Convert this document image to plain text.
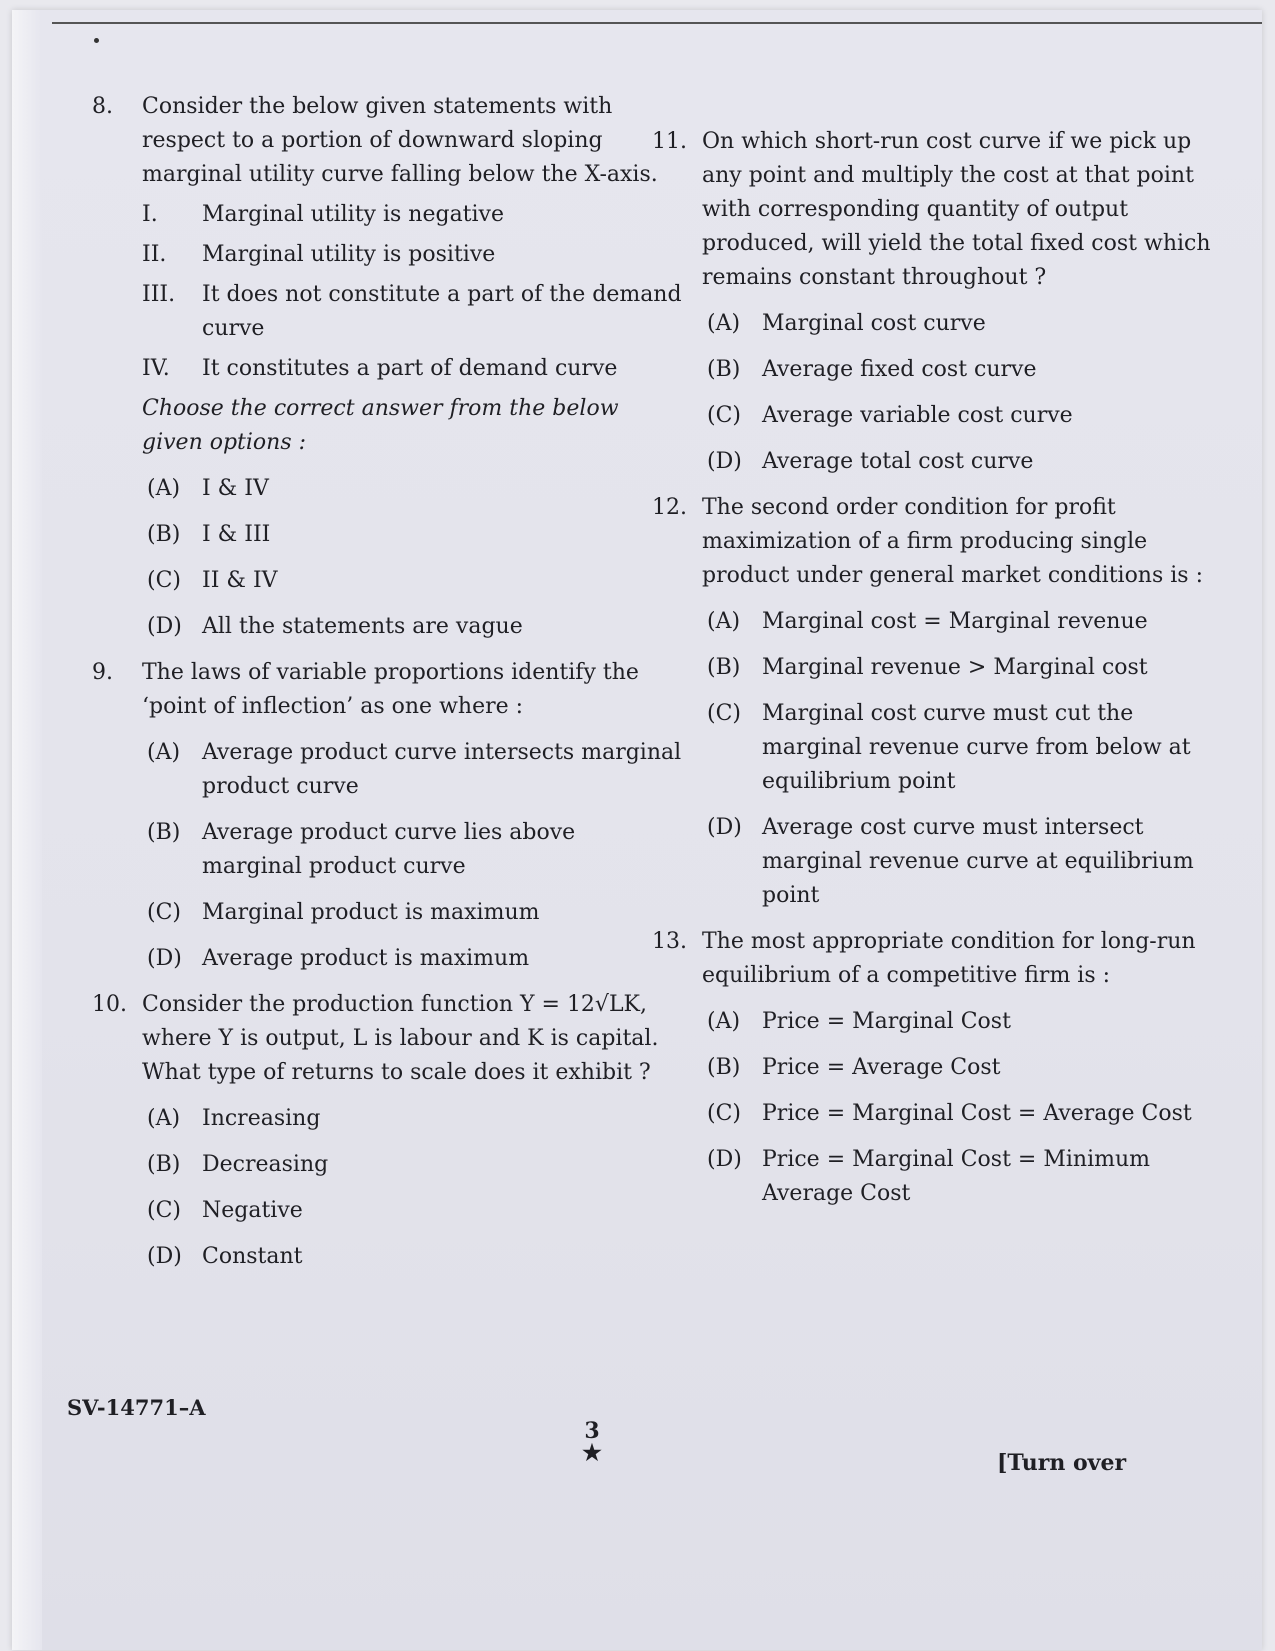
8.	Consider the below given statements with respect to a portion of downward sloping marginal utility curve falling below the X-axis.
I. Marginal utility is negative
II. Marginal utility is positive
III. It does not constitute a part of the demand curve
IV. It constitutes a part of demand curve
Choose the correct answer from the below given options :
(A) I & IV
(B) I & III
(C) II & IV
(D) All the statements are vague
9.	The laws of variable proportions identify the ‘point of inflection’ as one where :
(A) Average product curve intersects marginal product curve
(B) Average product curve lies above marginal product curve
(C) Marginal product is maximum
(D) Average product is maximum
10. Consider the production function Y = 12√LK, where Y is output, L is labour and K is capital. What type of returns to scale does it exhibit ?
(A) Increasing
(B) Decreasing
(C) Negative
(D) Constant
11. On which short-run cost curve if we pick up any point and multiply the cost at that point with corresponding quantity of output produced, will yield the total fixed cost which remains constant throughout ?
(A) Marginal cost curve
(B) Average fixed cost curve
(C) Average variable cost curve
(D) Average total cost curve
12. The second order condition for profit maximization of a firm producing single product under general market conditions is :
(A) Marginal cost = Marginal revenue
(B) Marginal revenue > Marginal cost
(C) Marginal cost curve must cut the marginal revenue curve from below at equilibrium point
(D) Average cost curve must intersect marginal revenue curve at equilibrium point
13. The most appropriate condition for long-run equilibrium of a competitive firm is :
(A) Price = Marginal Cost
(B) Price = Average Cost
(C) Price = Marginal Cost = Average Cost
(D) Price = Marginal Cost = Minimum Average Cost
SV-14771–A
3
★	[Turn over
